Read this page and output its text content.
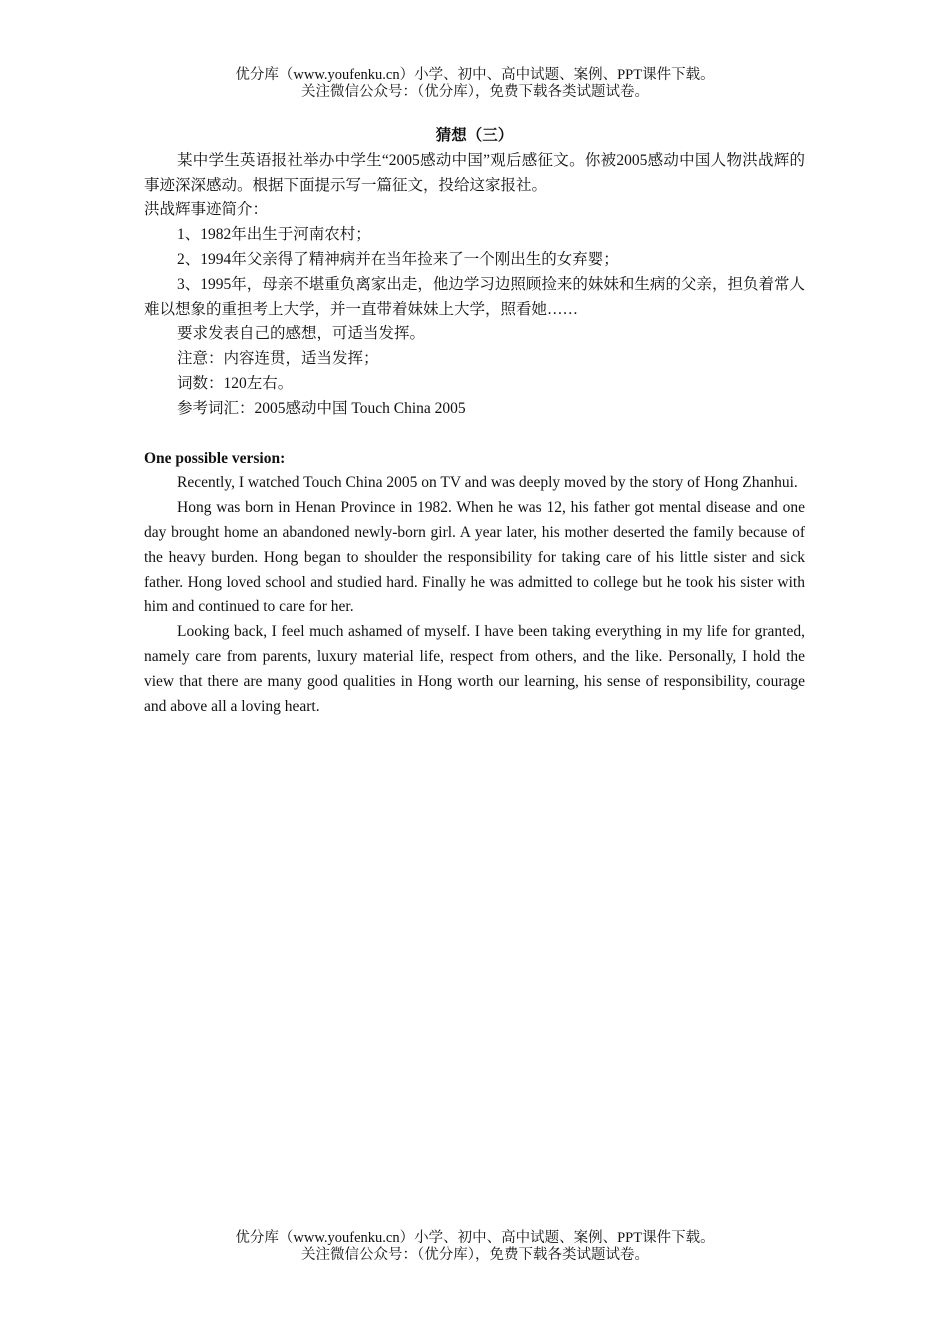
优分库（www.youfenku.cn）小学、初中、高中试题、案例、PPT课件下载。
关注微信公众号：（优分库），免费下载各类试题试卷。
猜想（三）
某中学生英语报社举办中学生“2005感动中国”观后感征文。你被2005感动中国人物洪战辉的事迹深深感动。根据下面提示写一篇征文，投给这家报社。
洪战辉事迹简介：
1、1982年出生于河南农村；
2、1994年父亲得了精神病并在当年捡来了一个刚出生的女弃婴；
3、1995年，母亲不堪重负离家出走，他边学习边照顾捡来的妹妹和生病的父亲，担负着常人难以想象的重担考上大学，并一直带着妹妹上大学，照看她……
要求发表自己的感想，可适当发挥。
注意：内容连贯，适当发挥；
词数：120左右。
参考词汇：2005感动中国 Touch China 2005
One possible version:
Recently, I watched Touch China 2005 on TV and was deeply moved by the story of Hong Zhanhui.
Hong was born in Henan Province in 1982. When he was 12, his father got mental disease and one day brought home an abandoned newly-born girl. A year later, his mother deserted the family because of the heavy burden. Hong began to shoulder the responsibility for taking care of his little sister and sick father. Hong loved school and studied hard. Finally he was admitted to college but he took his sister with him and continued to care for her.
Looking back, I feel much ashamed of myself. I have been taking everything in my life for granted, namely care from parents, luxury material life, respect from others, and the like. Personally, I hold the view that there are many good qualities in Hong worth our learning, his sense of responsibility, courage and above all a loving heart.
优分库（www.youfenku.cn）小学、初中、高中试题、案例、PPT课件下载。
关注微信公众号：（优分库），免费下载各类试题试卷。
